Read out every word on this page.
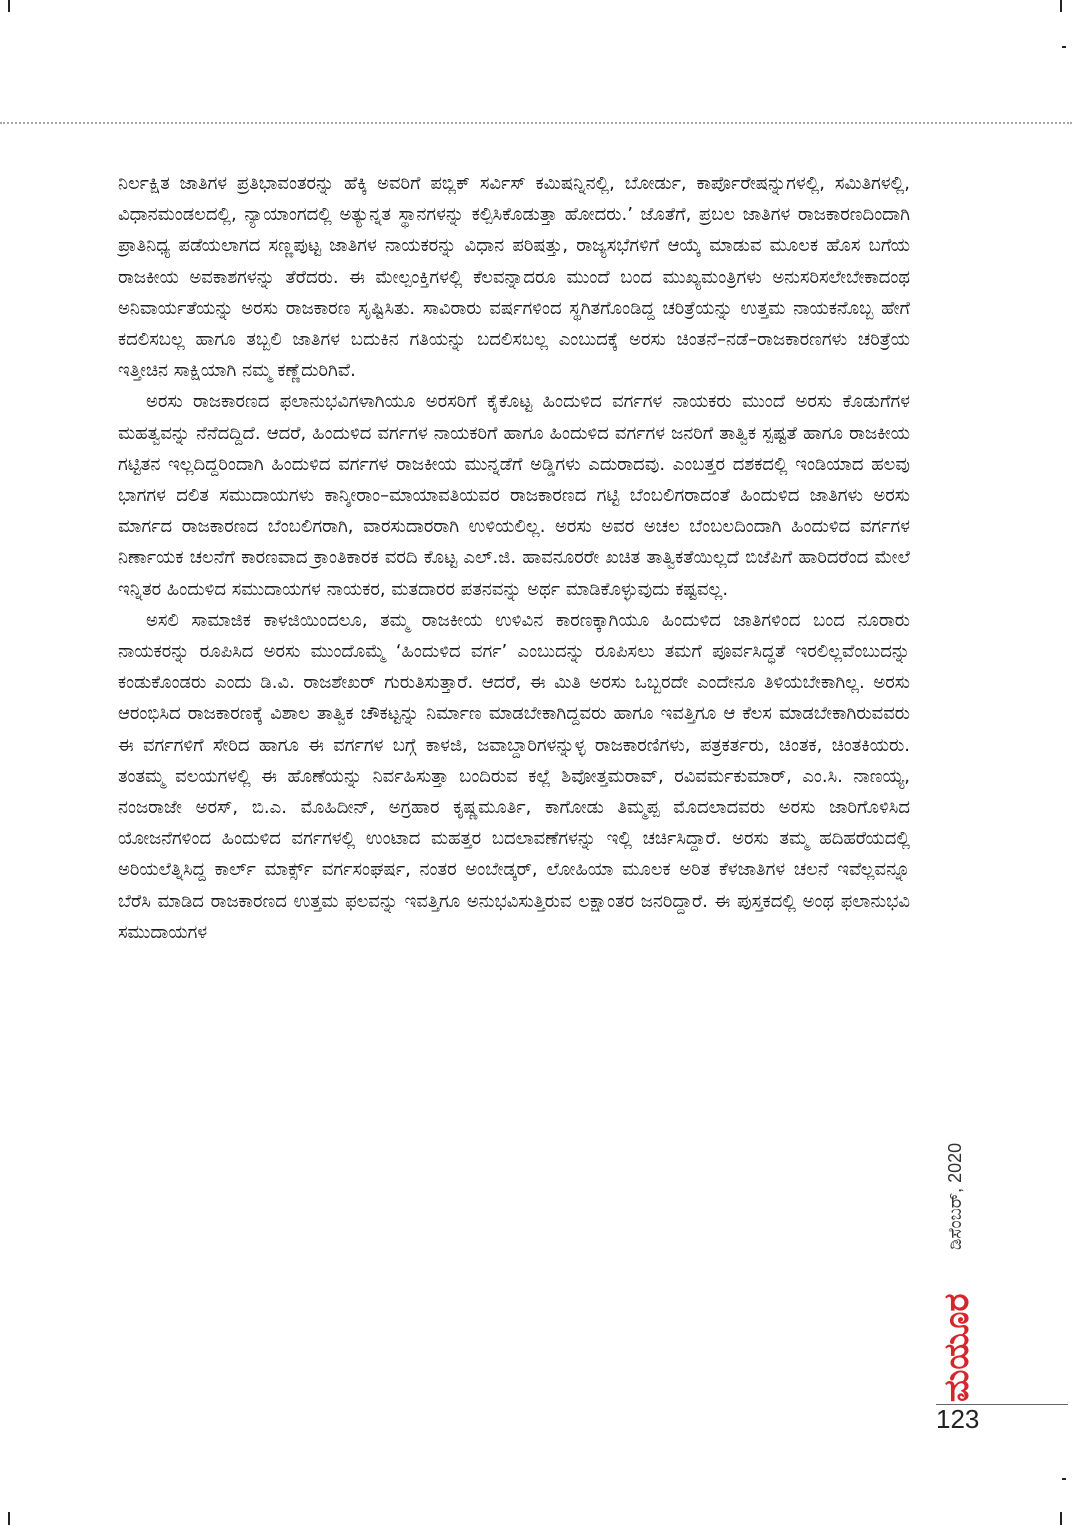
ನಿರ್ಲಕ್ಷಿತ ಜಾತಿಗಳ ಪ್ರತಿಭಾವಂತರನ್ನು ಹೆಕ್ಕಿ ಅವರಿಗೆ ಪಬ್ಲಿಕ್ ಸರ್ವಿಸ್ ಕಮಿಷನ್ನಿನಲ್ಲಿ, ಬೋರ್ಡು, ಕಾರ್ಪೊರೇಷನ್ನುಗಳಲ್ಲಿ, ಸಮಿತಿಗಳಲ್ಲಿ, ವಿಧಾನಮಂಡಲದಲ್ಲಿ, ನ್ಯಾಯಾಂಗದಲ್ಲಿ ಅತ್ಯುನ್ನತ ಸ್ಥಾನಗಳನ್ನು ಕಲ್ಪಿಸಿಕೊಡುತ್ತಾ ಹೋದರು.’ ಜೊತೆಗೆ, ಪ್ರಬಲ ಜಾತಿಗಳ ರಾಜಕಾರಣದಿಂದಾಗಿ ಪ್ರಾತಿನಿಧ್ಯ ಪಡೆಯಲಾಗದ ಸಣ್ಣಪುಟ್ಟ ಜಾತಿಗಳ ನಾಯಕರನ್ನು ವಿಧಾನ ಪರಿಷತ್ತು, ರಾಜ್ಯಸಭೆಗಳಿಗೆ ಆಯ್ಕೆ ಮಾಡುವ ಮೂಲಕ ಹೊಸ ಬಗೆಯ ರಾಜಕೀಯ ಅವಕಾಶಗಳನ್ನು ತೆರೆದರು. ಈ ಮೇಲ್ಪಂಕ್ತಿಗಳಲ್ಲಿ ಕೆಲವನ್ನಾದರೂ ಮುಂದೆ ಬಂದ ಮುಖ್ಯಮಂತ್ರಿಗಳು ಅನುಸರಿಸಲೇಬೇಕಾದಂಥ ಅನಿವಾರ್ಯತೆಯನ್ನು ಅರಸು ರಾಜಕಾರಣ ಸೃಷ್ಟಿಸಿತು. ಸಾವಿರಾರು ವರ್ಷಗಳಿಂದ ಸ್ಥಗಿತಗೊಂಡಿದ್ದ ಚರಿತ್ರೆಯನ್ನು ಉತ್ತಮ ನಾಯಕನೊಬ್ಬ ಹೇಗೆ ಕದಲಿಸಬಲ್ಲ ಹಾಗೂ ತಬ್ಬಲಿ ಜಾತಿಗಳ ಬದುಕಿನ ಗತಿಯನ್ನು ಬದಲಿಸಬಲ್ಲ ಎಂಬುದಕ್ಕೆ ಅರಸು ಚಿಂತನೆ–ನಡೆ–ರಾಜಕಾರಣಗಳು ಚರಿತ್ರೆಯ ಇತ್ತೀಚಿನ ಸಾಕ್ಷಿಯಾಗಿ ನಮ್ಮ ಕಣ್ಣೆದುರಿಗಿವೆ.

ಅರಸು ರಾಜಕಾರಣದ ಫಲಾನುಭವಿಗಳಾಗಿಯೂ ಅರಸರಿಗೆ ಕೈಕೊಟ್ಟ ಹಿಂದುಳಿದ ವರ್ಗಗಳ ನಾಯಕರು ಮುಂದೆ ಅರಸು ಕೊಡುಗೆಗಳ ಮಹತ್ವವನ್ನು ನೆನೆದದ್ದಿದೆ. ಆದರೆ, ಹಿಂದುಳಿದ ವರ್ಗಗಳ ನಾಯಕರಿಗೆ ಹಾಗೂ ಹಿಂದುಳಿದ ವರ್ಗಗಳ ಜನರಿಗೆ ತಾತ್ವಿಕ ಸ್ಪಷ್ಟತೆ ಹಾಗೂ ರಾಜಕೀಯ ಗಟ್ಟಿತನ ಇಲ್ಲದಿದ್ದರಿಂದಾಗಿ ಹಿಂದುಳಿದ ವರ್ಗಗಳ ರಾಜಕೀಯ ಮುನ್ನಡೆಗೆ ಅಡ್ಡಿಗಳು ಎದುರಾದವು. ಎಂಬತ್ತರ ದಶಕದಲ್ಲಿ ಇಂಡಿಯಾದ ಹಲವು ಭಾಗಗಳ ದಲಿತ ಸಮುದಾಯಗಳು ಕಾನ್ಶೀರಾಂ–ಮಾಯಾವತಿಯವರ ರಾಜಕಾರಣದ ಗಟ್ಟಿ ಬೆಂಬಲಿಗರಾದಂತೆ ಹಿಂದುಳಿದ ಜಾತಿಗಳು ಅರಸು ಮಾರ್ಗದ ರಾಜಕಾರಣದ ಬೆಂಬಲಿಗರಾಗಿ, ವಾರಸುದಾರರಾಗಿ ಉಳಿಯಲಿಲ್ಲ. ಅರಸು ಅವರ ಅಚಲ ಬೆಂಬಲದಿಂದಾಗಿ ಹಿಂದುಳಿದ ವರ್ಗಗಳ ನಿರ್ಣಾಯಕ ಚಲನೆಗೆ ಕಾರಣವಾದ ಕ್ರಾಂತಿಕಾರಕ ವರದಿ ಕೊಟ್ಟ ಎಲ್.ಜಿ. ಹಾವನೂರರೇ ಖಚಿತ ತಾತ್ವಿಕತೆಯಿಲ್ಲದೆ ಬಿಜೆಪಿಗೆ ಹಾರಿದರೆಂದ ಮೇಲೆ ಇನ್ನಿತರ ಹಿಂದುಳಿದ ಸಮುದಾಯಗಳ ನಾಯಕರ, ಮತದಾರರ ಪತನವನ್ನು ಅರ್ಥ ಮಾಡಿಕೊಳ್ಳುವುದು ಕಷ್ಟವಲ್ಲ.

ಅಸಲಿ ಸಾಮಾಜಿಕ ಕಾಳಜಿಯಿಂದಲೂ, ತಮ್ಮ ರಾಜಕೀಯ ಉಳಿವಿನ ಕಾರಣಕ್ಕಾಗಿಯೂ ಹಿಂದುಳಿದ ಜಾತಿಗಳಿಂದ ಬಂದ ನೂರಾರು ನಾಯಕರನ್ನು ರೂಪಿಸಿದ ಅರಸು ಮುಂದೊಮ್ಮೆ ‘ಹಿಂದುಳಿದ ವರ್ಗ’ ಎಂಬುದನ್ನು ರೂಪಿಸಲು ತಮಗೆ ಪೂರ್ವಸಿದ್ಧತೆ ಇರಲಿಲ್ಲವೆಂಬುದನ್ನು ಕಂಡುಕೊಂಡರು ಎಂದು ಡಿ.ವಿ. ರಾಜಶೇಖರ್ ಗುರುತಿಸುತ್ತಾರೆ. ಆದರೆ, ಈ ಮಿತಿ ಅರಸು ಒಬ್ಬರದೇ ಎಂದೇನೂ ತಿಳಿಯಬೇಕಾಗಿಲ್ಲ. ಅರಸು ಆರಂಭಿಸಿದ ರಾಜಕಾರಣಕ್ಕೆ ವಿಶಾಲ ತಾತ್ವಿಕ ಚೌಕಟ್ಟನ್ನು ನಿರ್ಮಾಣ ಮಾಡಬೇಕಾಗಿದ್ದವರು ಹಾಗೂ ಇವತ್ತಿಗೂ ಆ ಕೆಲಸ ಮಾಡಬೇಕಾಗಿರುವವರು ಈ ವರ್ಗಗಳಿಗೆ ಸೇರಿದ ಹಾಗೂ ಈ ವರ್ಗಗಳ ಬಗ್ಗೆ ಕಾಳಜಿ, ಜವಾಬ್ದಾರಿಗಳನ್ನುಳ್ಳ ರಾಜಕಾರಣಿಗಳು, ಪತ್ರಕರ್ತರು, ಚಿಂತಕ, ಚಿಂತಕಿಯರು. ತಂತಮ್ಮ ವಲಯಗಳಲ್ಲಿ ಈ ಹೊಣೆಯನ್ನು ನಿರ್ವಹಿಸುತ್ತಾ ಬಂದಿರುವ ಕಲ್ಲೆ ಶಿವೋತ್ತಮರಾವ್, ರವಿವರ್ಮಕುಮಾರ್, ಎಂ.ಸಿ. ನಾಣಯ್ಯ, ನಂಜರಾಜೇ ಅರಸ್, ಬಿ.ಎ. ಮೊಹಿದೀನ್, ಅಗ್ರಹಾರ ಕೃಷ್ಣಮೂರ್ತಿ, ಕಾಗೋಡು ತಿಮ್ಮಪ್ಪ ಮೊದಲಾದವರು ಅರಸು ಜಾರಿಗೊಳಿಸಿದ ಯೋಜನೆಗಳಿಂದ ಹಿಂದುಳಿದ ವರ್ಗಗಳಲ್ಲಿ ಉಂಟಾದ ಮಹತ್ತರ ಬದಲಾವಣೆಗಳನ್ನು ಇಲ್ಲಿ ಚರ್ಚಿಸಿದ್ದಾರೆ. ಅರಸು ತಮ್ಮ ಹದಿಹರೆಯದಲ್ಲಿ ಅರಿಯಲೆತ್ನಿಸಿದ್ದ ಕಾರ್ಲ್ ಮಾರ್ಕ್ಸ್ ವರ್ಗಸಂಘರ್ಷ, ನಂತರ ಅಂಬೇಡ್ಕರ್, ಲೋಹಿಯಾ ಮೂಲಕ ಅರಿತ ಕೆಳಜಾತಿಗಳ ಚಲನೆ ಇವೆಲ್ಲವನ್ನೂ ಬೆರೆಸಿ ಮಾಡಿದ ರಾಜಕಾರಣದ ಉತ್ತಮ ಫಲವನ್ನು ಇವತ್ತಿಗೂ ಅನುಭವಿಸುತ್ತಿರುವ ಲಕ್ಷಾಂತರ ಜನರಿದ್ದಾರೆ. ಈ ಪುಸ್ತಕದಲ್ಲಿ ಅಂಥ ಫಲಾನುಭವಿ ಸಮುದಾಯಗಳ

ಡಿಸೆಂಬರ್, 2020
ಮಯೂರ
123
